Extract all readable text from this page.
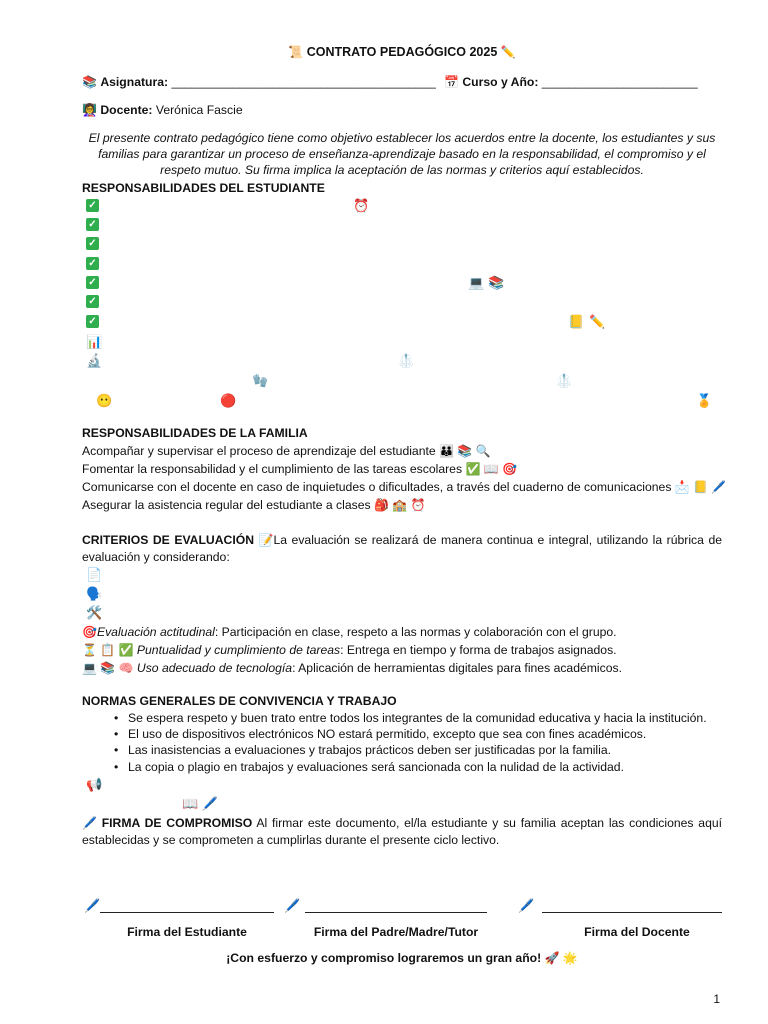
📜 CONTRATO PEDAGÓGICO 2025 ✏️
📚 Asignatura: _______________________________________ 📅 Curso y Año: _______________________
👩‍🏫 Docente: Verónica Fascie
El presente contrato pedagógico tiene como objetivo establecer los acuerdos entre la docente, los estudiantes y sus familias para garantizar un proceso de enseñanza-aprendizaje basado en la responsabilidad, el compromiso y el respeto mutuo. Su firma implica la aceptación de las normas y criterios aquí establecidos.
RESPONSABILIDADES DEL ESTUDIANTE
✓
✓
✓
✓
✓
✓
✓
⏰
💻 📚
📒 ✏️
📊
🔬	🥼
🧤	🥼
😶	🔴	🏅
RESPONSABILIDADES DE LA FAMILIA
Acompañar y supervisar el proceso de aprendizaje del estudiante 👪 📚 🔍
Fomentar la responsabilidad y el cumplimiento de las tareas escolares ✅ 📖 🎯
Comunicarse con el docente en caso de inquietudes o dificultades, a través del cuaderno de comunicaciones 📩 📒 🖊️
Asegurar la asistencia regular del estudiante a clases 🎒 🏫 ⏰
CRITERIOS DE EVALUACIÓN 📝La evaluación se realizará de manera continua e integral, utilizando la rúbrica de evaluación y considerando:
📄
🗣️
🛠️
🎯Evaluación actitudinal: Participación en clase, respeto a las normas y colaboración con el grupo.
⏳ 📋 ✅ Puntualidad y cumplimiento de tareas: Entrega en tiempo y forma de trabajos asignados.
💻 📚 🧠 Uso adecuado de tecnología: Aplicación de herramientas digitales para fines académicos.
NORMAS GENERALES DE CONVIVENCIA Y TRABAJO
• Se espera respeto y buen trato entre todos los integrantes de la comunidad educativa y hacia la institución.
• El uso de dispositivos electrónicos NO estará permitido, excepto que sea con fines académicos.
• Las inasistencias a evaluaciones y trabajos prácticos deben ser justificadas por la familia.
• La copia o plagio en trabajos y evaluaciones será sancionada con la nulidad de la actividad.
📢
📖 🖊️
🖊️ FIRMA DE COMPROMISO Al firmar este documento, el/la estudiante y su familia aceptan las condiciones aquí establecidas y se comprometen a cumplirlas durante el presente ciclo lectivo.
🖊️	🖊️	🖊️
Firma del Estudiante	Firma del Padre/Madre/Tutor	Firma del Docente
¡Con esfuerzo y compromiso lograremos un gran año! 🚀 🌟
1
